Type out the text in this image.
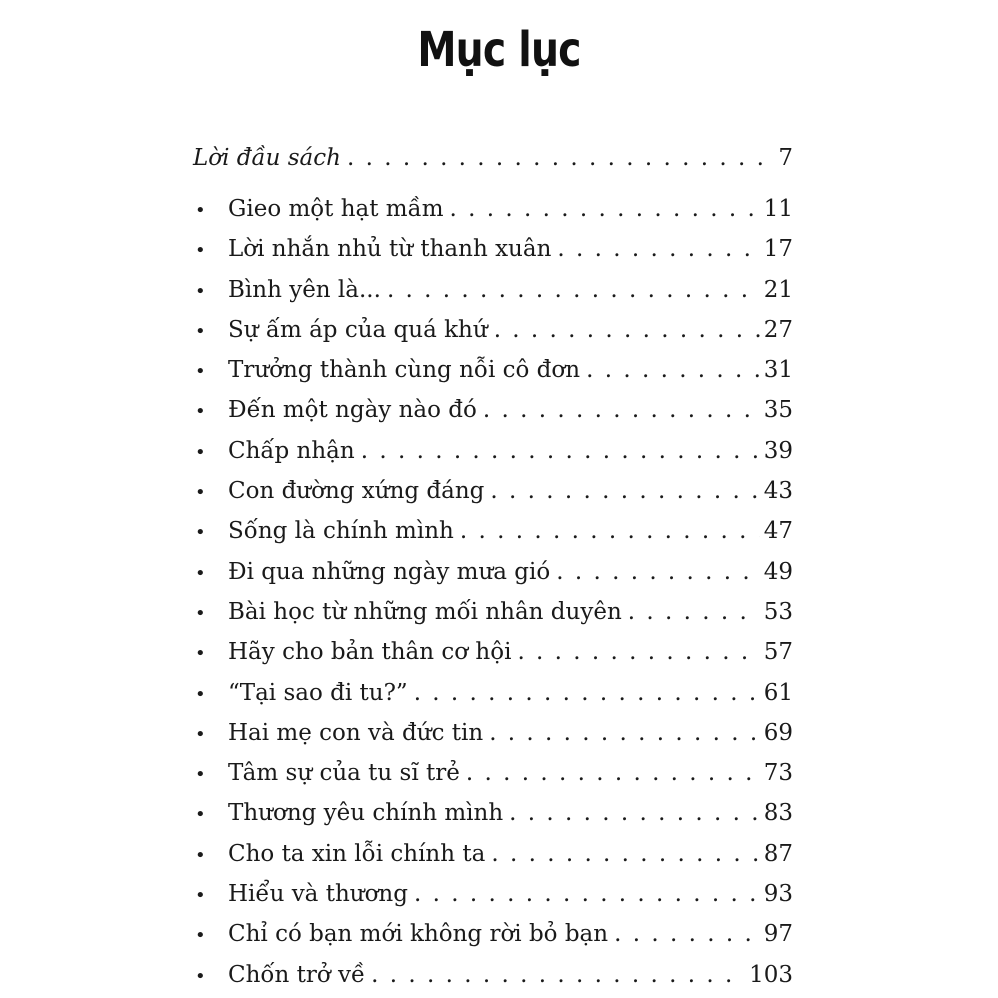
Mục lục
Lời đầu sách . . .	7
• Gieo một hạt mầm . . .	11
• Lời nhắn nhủ từ thanh xuân . . .	17
• Bình yên là... . . .	21
• Sự ấm áp của quá khứ . . .	27
• Trưởng thành cùng nỗi cô đơn . . .	31
• Đến một ngày nào đó . . .	35
• Chấp nhận . . .	39
• Con đường xứng đáng . . .	43
• Sống là chính mình . . .	47
• Đi qua những ngày mưa gió . . .	49
• Bài học từ những mối nhân duyên . . .	53
• Hãy cho bản thân cơ hội . . .	57
• “Tại sao đi tu?” . . .	61
• Hai mẹ con và đức tin . . .	69
• Tâm sự của tu sĩ trẻ . . .	73
• Thương yêu chính mình . . .	83
• Cho ta xin lỗi chính ta . . .	87
• Hiểu và thương . . .	93
• Chỉ có bạn mới không rời bỏ bạn . . .	97
• Chốn trở về . . .	103
